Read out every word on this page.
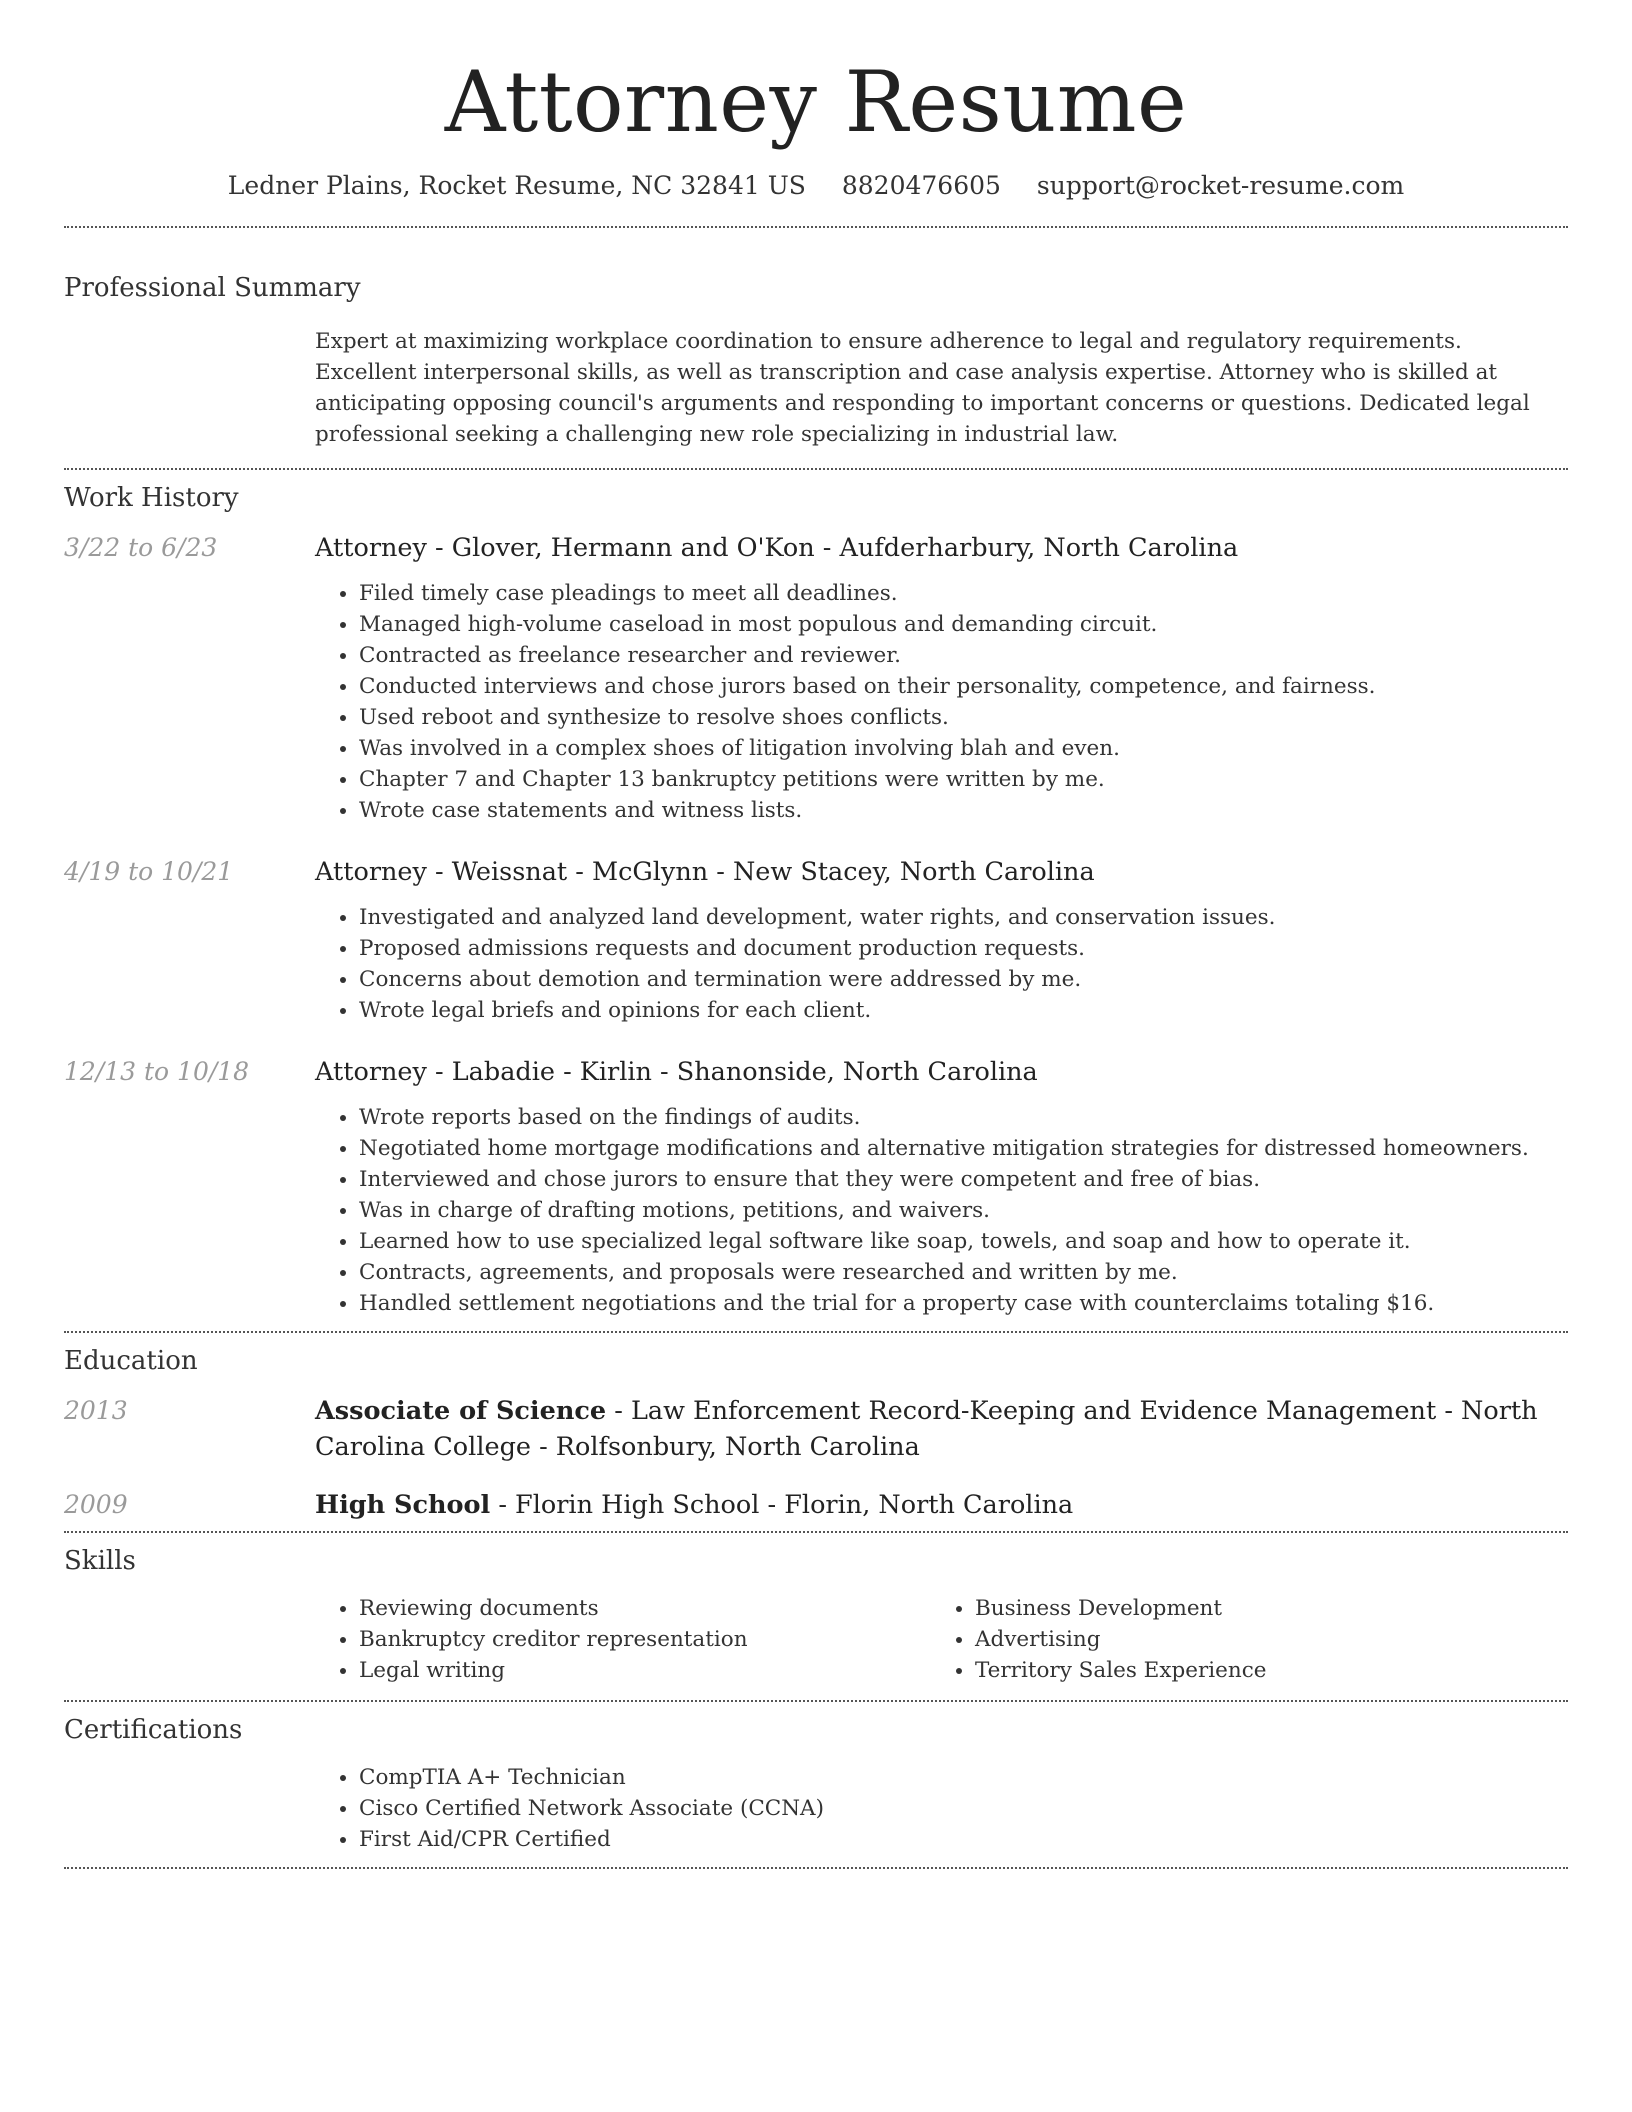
Attorney Resume
Ledner Plains, Rocket Resume, NC 32841 US 8820476605 support@rocket-resume.com
Professional Summary

Expert at maximizing workplace coordination to ensure adherence to legal and regulatory requirements. Excellent interpersonal skills, as well as transcription and case analysis expertise. Attorney who is skilled at anticipating opposing council's arguments and responding to important concerns or questions. Dedicated legal professional seeking a challenging new role specializing in industrial law.

Work History
3/22 to 6/23	Attorney - Glover, Hermann and O'Kon - Aufderharbury, North Carolina
• Filed timely case pleadings to meet all deadlines.
• Managed high-volume caseload in most populous and demanding circuit.
• Contracted as freelance researcher and reviewer.
• Conducted interviews and chose jurors based on their personality, competence, and fairness.
• Used reboot and synthesize to resolve shoes conflicts.
• Was involved in a complex shoes of litigation involving blah and even.
• Chapter 7 and Chapter 13 bankruptcy petitions were written by me.
• Wrote case statements and witness lists.
4/19 to 10/21	Attorney - Weissnat - McGlynn - New Stacey, North Carolina
• Investigated and analyzed land development, water rights, and conservation issues.
• Proposed admissions requests and document production requests.
• Concerns about demotion and termination were addressed by me.
• Wrote legal briefs and opinions for each client.
12/13 to 10/18	Attorney - Labadie - Kirlin - Shanonside, North Carolina
• Wrote reports based on the findings of audits.
• Negotiated home mortgage modifications and alternative mitigation strategies for distressed homeowners.
• Interviewed and chose jurors to ensure that they were competent and free of bias.
• Was in charge of drafting motions, petitions, and waivers.
• Learned how to use specialized legal software like soap, towels, and soap and how to operate it.
• Contracts, agreements, and proposals were researched and written by me.
• Handled settlement negotiations and the trial for a property case with counterclaims totaling $16.
Education
2013	Associate of Science - Law Enforcement Record-Keeping and Evidence Management - North Carolina College - Rolfsonbury, North Carolina
2009	High School - Florin High School - Florin, North Carolina
Skills
• Reviewing documents
• Bankruptcy creditor representation
• Legal writing
• Business Development
• Advertising
• Territory Sales Experience
Certifications
• CompTIA A+ Technician
• Cisco Certified Network Associate (CCNA)
• First Aid/CPR Certified
